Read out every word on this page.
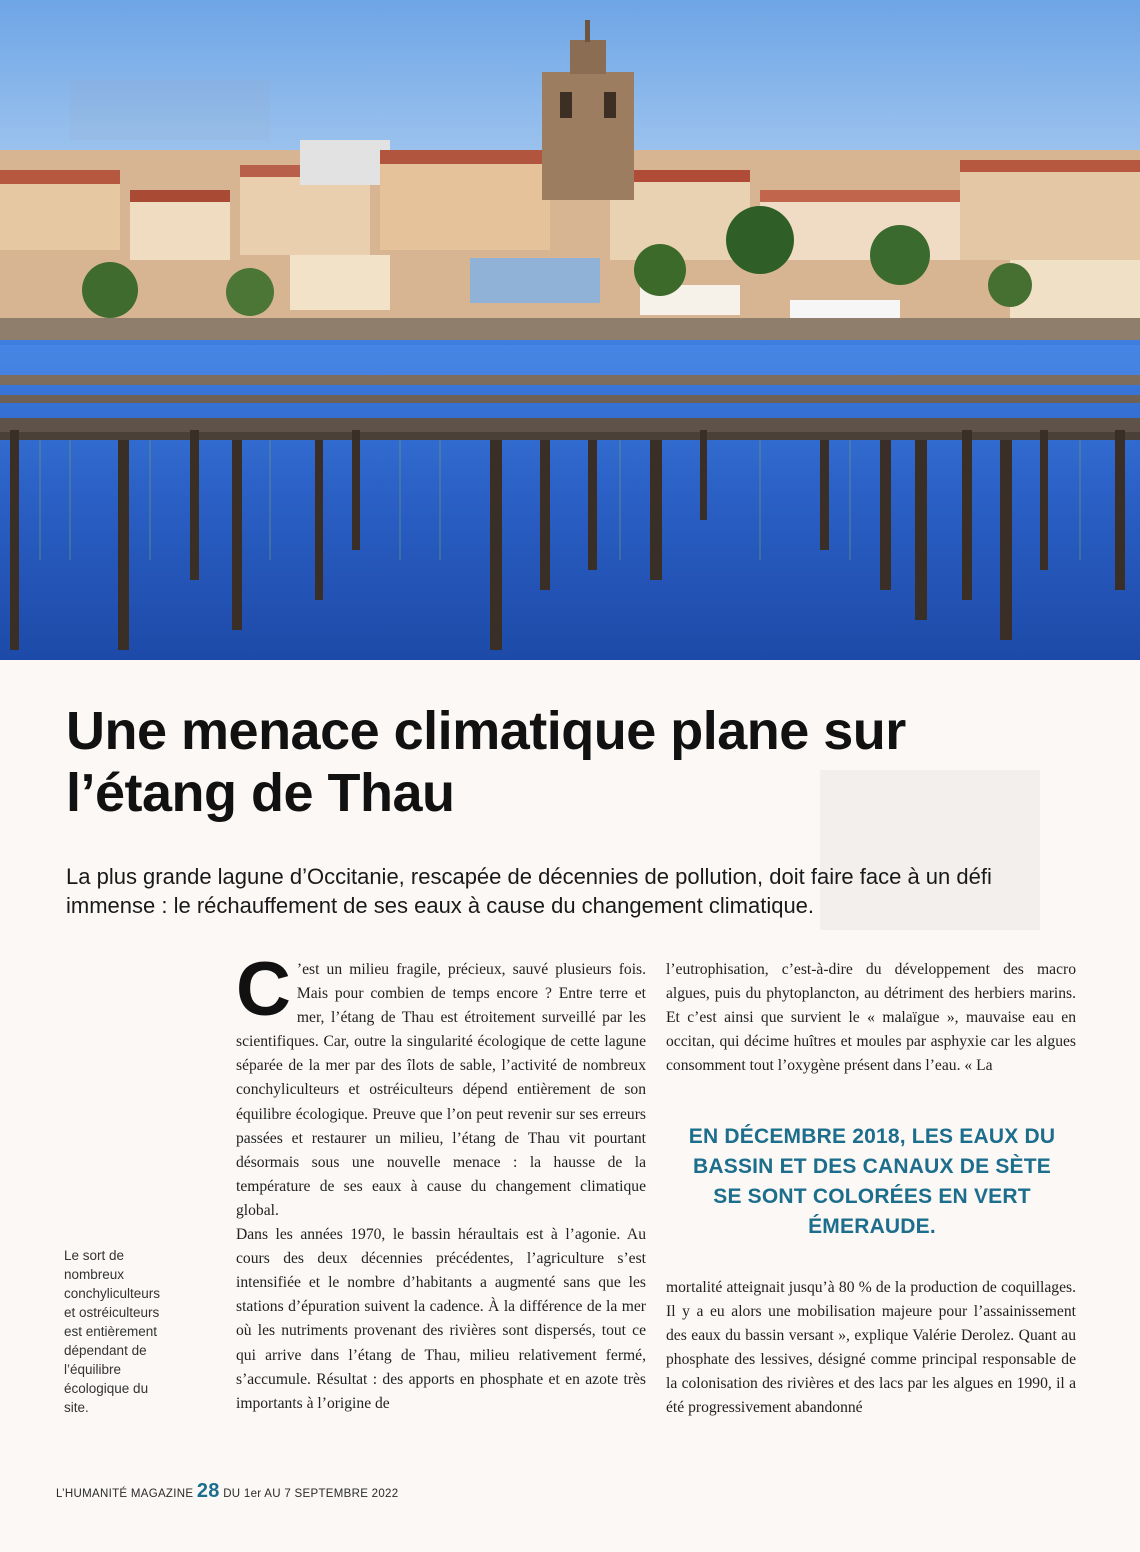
Une menace climatique plane sur l’étang de Thau

La plus grande lagune d’Occitanie, rescapée de décennies de pollution, doit faire face à un défi immense : le réchauffement de ses eaux à cause du changement climatique.

C ’est un milieu fragile, précieux, sauvé plusieurs fois. Mais pour combien de temps encore ? Entre terre et mer, l’étang de Thau est étroitement surveillé par les scientifiques. Car, outre la singularité écologique de cette lagune séparée de la mer par des îlots de sable, l’activité de nombreux conchyliculteurs et ostréiculteurs dépend entièrement de son équilibre écologique. Preuve que l’on peut revenir sur ses erreurs passées et restaurer un milieu, l’étang de Thau vit pourtant désormais sous une nouvelle menace : la hausse de la température de ses eaux à cause du changement climatique global.
Dans les années 1970, le bassin héraultais est à l’agonie. Au cours des deux décennies précédentes, l’agriculture s’est intensifiée et le nombre d’habitants a augmenté sans que les stations d’épuration suivent la cadence. À la différence de la mer où les nutriments provenant des rivières sont dispersés, tout ce qui arrive dans l’étang de Thau, milieu relativement fermé, s’accumule. Résultat : des apports en phosphate et en azote très importants à l’origine de
l’eutrophisation, c’est-à-dire du développement des macro algues, puis du phytoplancton, au détriment des herbiers marins. Et c’est ainsi que survient le « malaïgue », mauvaise eau en occitan, qui décime huîtres et moules par asphyxie car les algues consomment tout l’oxygène présent dans l’eau. « La

EN DÉCEMBRE 2018, LES EAUX DU BASSIN ET DES CANAUX DE SÈTE SE SONT COLORÉES EN VERT ÉMERAUDE.

mortalité atteignait jusqu’à 80 % de la production de coquillages. Il y a eu alors une mobilisation majeure pour l’assainissement des eaux du bassin versant », explique Valérie Derolez. Quant au phosphate des lessives, désigné comme principal responsable de la colonisation des rivières et des lacs par les algues en 1990, il a été progressivement abandonné

Le sort de nombreux conchyliculteurs et ostréiculteurs est entièrement dépendant de l’équilibre écologique du site.

L’HUMANITÉ MAGAZINE 28 DU 1er AU 7 SEPTEMBRE 2022
